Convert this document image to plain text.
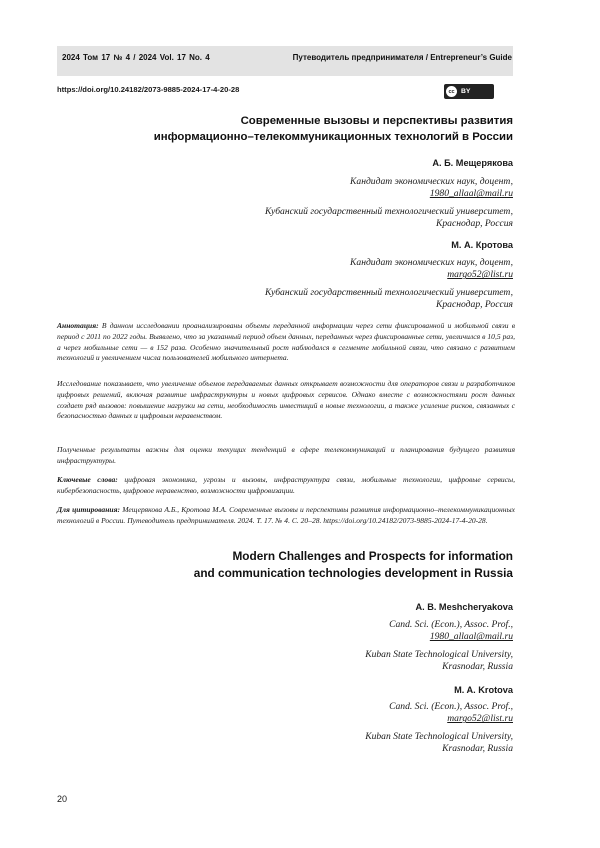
2024 Том 17 № 4 / 2024 Vol. 17 No. 4	Путеводитель предпринимателя / Entrepreneur’s Guide
https://doi.org/10.24182/2073-9885-2024-17-4-20-28	cc BY
Современные вызовы и перспективы развития
информационно–телекоммуникационных технологий в России
А. Б. Мещерякова
Кандидат экономических наук, доцент,
1980_allaal@mail.ru
Кубанский государственный технологический университет,
Краснодар, Россия
М. А. Кротова
Кандидат экономических наук, доцент,
margo52@list.ru
Кубанский государственный технологический университет,
Краснодар, Россия
Аннотация: В данном исследовании проанализированы объемы переданной информации через сети фиксированной и мобильной связи в период с 2011 по 2022 годы. Выявлено, что за указанный период объем данных, переданных через фиксированные сети, увеличился в 10,5 раз, а через мобильные сети — в 152 раза. Особенно значительный рост наблюдался в сегменте мобильной связи, что связано с развитием технологий и увеличением числа пользователей мобильного интернета.
Исследование показывает, что увеличение объемов передаваемых данных открывает возможности для операторов связи и разработчиков цифровых решений, включая развитие инфраструктуры и новых цифровых сервисов. Однако вместе с возможностями рост данных создает ряд вызовов: повышение нагрузки на сети, необходимость инвестиций в новые технологии, а также усиление рисков, связанных с безопасностью данных и цифровым неравенством.
Полученные результаты важны для оценки текущих тенденций в сфере телекоммуникаций и планирования будущего развития инфраструктуры.
Ключевые слова: цифровая экономика, угрозы и вызовы, инфраструктура связи, мобильные технологии, цифровые сервисы, кибербезопасность, цифровое неравенство, возможности цифровизации.
Для цитирования: Мещерякова А.Б., Кротова М.А. Современные вызовы и перспективы развития информационно–телекоммуникационных технологий в России. Путеводитель предпринимателя. 2024. Т. 17. № 4. С. 20–28. https://doi.org/10.24182/2073-9885-2024-17-4-20-28.
Modern Challenges and Prospects for information
and communication technologies development in Russia
A. B. Meshcheryakova
Cand. Sci. (Econ.), Assoc. Prof.,
1980_allaal@mail.ru
Kuban State Technological University,
Krasnodar, Russia
M. A. Krotova
Cand. Sci. (Econ.), Assoc. Prof.,
margo52@list.ru
Kuban State Technological University,
Krasnodar, Russia
20
